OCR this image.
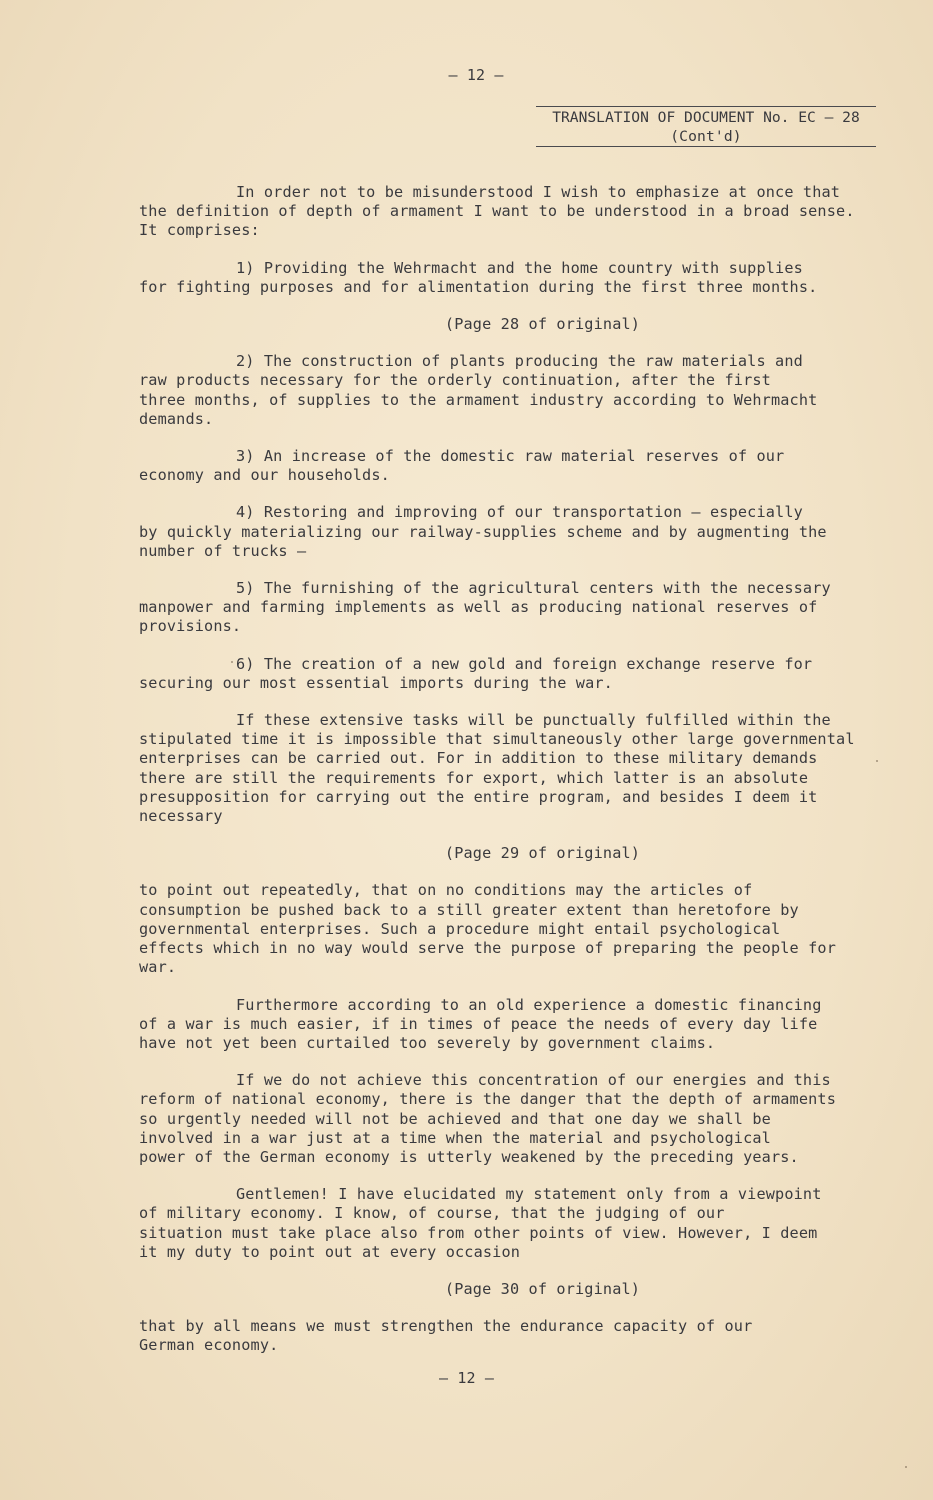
– 12 –
TRANSLATION OF DOCUMENT No. EC – 28
(Cont'd)
In order not to be misunderstood I wish to emphasize at once that
the definition of depth of armament I want to be understood in a broad sense.
It comprises:
1) Providing the Wehrmacht and the home country with supplies
for fighting purposes and for alimentation during the first three months.
(Page 28 of original)
2) The construction of plants producing the raw materials and
raw products necessary for the orderly continuation, after the first
three months, of supplies to the armament industry according to Wehrmacht
demands.
3) An increase of the domestic raw material reserves of our
economy and our households.
4) Restoring and improving of our transportation – especially
by quickly materializing our railway-supplies scheme and by augmenting the
number of trucks –
5) The furnishing of the agricultural centers with the necessary
manpower and farming implements as well as producing national reserves of
provisions.
6) The creation of a new gold and foreign exchange reserve for
securing our most essential imports during the war.
If these extensive tasks will be punctually fulfilled within the
stipulated time it is impossible that simultaneously other large governmental
enterprises can be carried out. For in addition to these military demands
there are still the requirements for export, which latter is an absolute
presupposition for carrying out the entire program, and besides I deem it
necessary
(Page 29 of original)
to point out repeatedly, that on no conditions may the articles of
consumption be pushed back to a still greater extent than heretofore by
governmental enterprises. Such a procedure might entail psychological
effects which in no way would serve the purpose of preparing the people for
war.
Furthermore according to an old experience a domestic financing
of a war is much easier, if in times of peace the needs of every day life
have not yet been curtailed too severely by government claims.
If we do not achieve this concentration of our energies and this
reform of national economy, there is the danger that the depth of armaments
so urgently needed will not be achieved and that one day we shall be
involved in a war just at a time when the material and psychological
power of the German economy is utterly weakened by the preceding years.
Gentlemen! I have elucidated my statement only from a viewpoint
of military economy. I know, of course, that the judging of our
situation must take place also from other points of view. However, I deem
it my duty to point out at every occasion
(Page 30 of original)
that by all means we must strengthen the endurance capacity of our
German economy.
– 12 –
